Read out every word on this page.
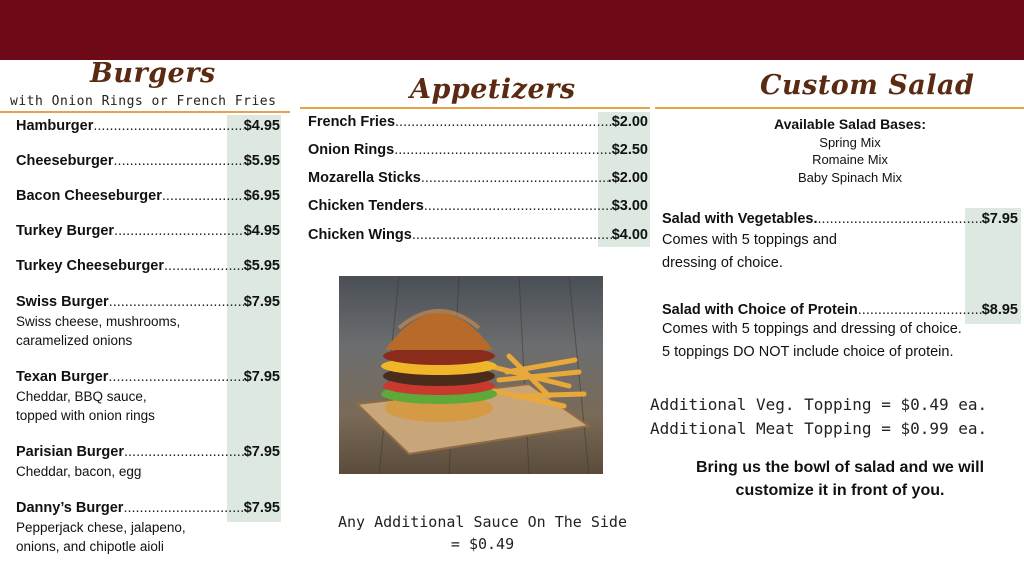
Burgers
with Onion Rings or French Fries
Hamburger .....	$4.95
Cheeseburger .....	$5.95
Bacon Cheeseburger .....	$6.95
Turkey Burger .....	$4.95
Turkey Cheeseburger .....	$5.95
Swiss Burger .....	$7.95
Swiss cheese, mushrooms,
caramelized onions
Texan Burger .....	$7.95
Cheddar, BBQ sauce,
topped with onion rings
Parisian Burger .....	$7.95
Cheddar, bacon, egg
Danny’s Burger .....	$7.95
Pepperjack chese, jalapeno,
onions, and chipotle aioli
Appetizers
French Fries .....	$2.00
Onion Rings .....	$2.50
Mozarella Sticks .....	.$2.00
Chicken Tenders .....	$3.00
Chicken Wings .....	$4.00
Any Additional Sauce On The Side
= $0.49
Custom Salad
Available Salad Bases:
Spring Mix
Romaine Mix
Baby Spinach Mix
Salad with Vegetables. .....	$7.95
Comes with 5 toppings and
dressing of choice.
Salad with Choice of Protein .....	$8.95
Comes with 5 toppings and dressing of choice.
5 toppings DO NOT include choice of protein.
Additional Veg. Topping = $0.49 ea.
Additional Meat Topping = $0.99 ea.
Bring us the bowl of salad and we will
customize it in front of you.
